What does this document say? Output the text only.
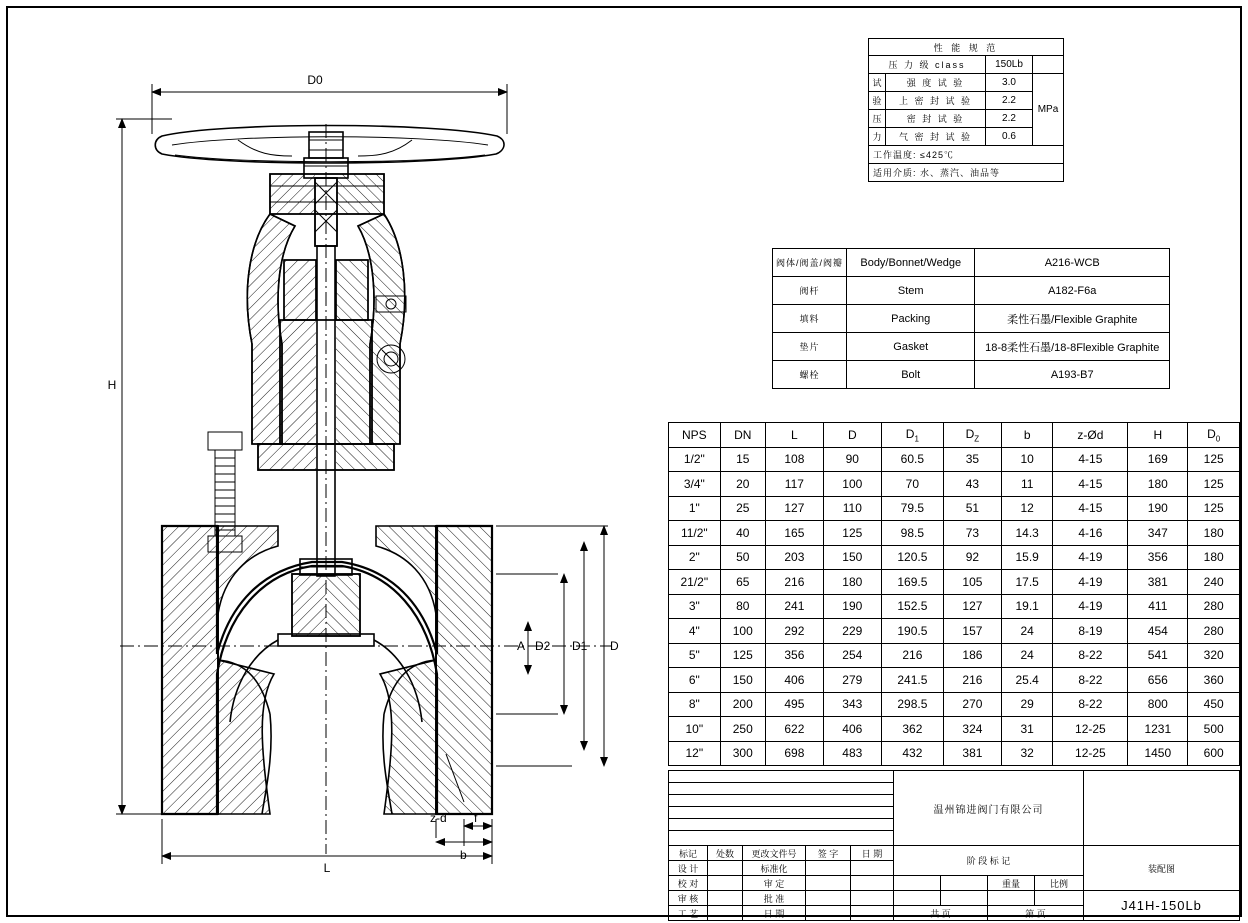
D0
H
L
D
D1
D2
A
z-d f
b
性 能 规 范			
压 力 级 class		150Lb	
试	强 度 试 验	3.0	MPa
验	上 密 封 试 验	2.2	
压	密 封 试 验	2.2	
力	气 密 封 试 验	0.6	
工作温度: ≤425℃			
适用介质: 水、蒸汽、油品等			
阀体/阀盖/阀瓣	Body/Bonnet/Wedge	A216-WCB
阀杆	Stem	A182-F6a
填料	Packing	柔性石墨/Flexible Graphite
垫片	Gasket	18-8柔性石墨/18-8Flexible Graphite
螺栓	Bolt	A193-B7
NPS	DN	L	D	$D_1$	$D_Z$	b	z-Ød	H	$D_0$
1/2"	15	108	90	60.5	35	10	4-15	169	125
3/4"	20	117	100	70	43	11	4-15	180	125
1"	25	127	110	79.5	51	12	4-15	190	125
11/2"	40	165	125	98.5	73	14.3	4-16	347	180
2"	50	203	150	120.5	92	15.9	4-19	356	180
21/2"	65	216	180	169.5	105	17.5	4-19	381	240
3"	80	241	190	152.5	127	19.1	4-19	411	280
4"	100	292	229	190.5	157	24	8-19	454	280
5"	125	356	254	216	186	24	8-22	541	320
6"	150	406	279	241.5	216	25.4	8-22	656	360
8"	200	495	343	298.5	270	29	8-22	800	450
10"	250	622	406	362	324	31	12-25	1231	500
12"	300	698	483	432	381	32	12-25	1450	600

	温州锦进阀门有限公司	

标记	处数	更改文件号	签 字	日 期	阶 段 标 记	装配图
设 计		标准化		
校 对		审 定					重量	比例
审 核		批 准							J41H-150Lb
工 艺		日 期			共 页	第 页
